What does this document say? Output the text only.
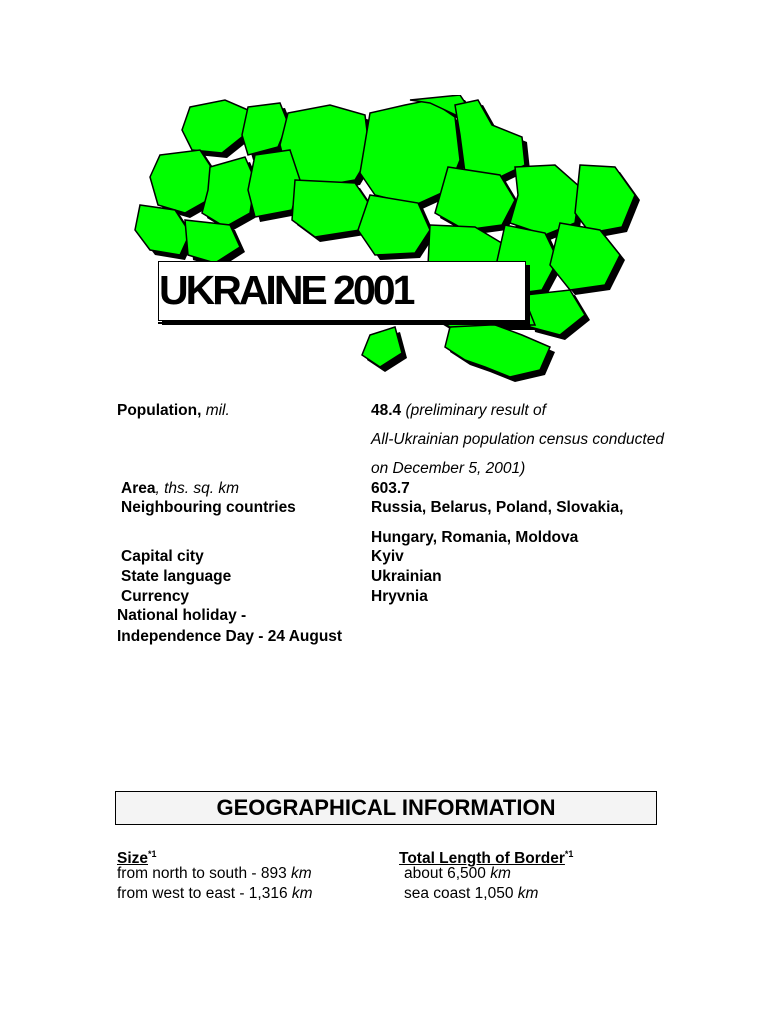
UKRAINE 2001
Population, mil.	48.4 (preliminary result of
All-Ukrainian population census conducted
on December 5, 2001)
Area, ths. sq. km	603.7
Neighbouring countries	Russia, Belarus, Poland, Slovakia,
Hungary, Romania, Moldova
Capital city	Kyiv
State language	Ukrainian
Currency	Hryvnia
National holiday -
Independence Day - 24 August
GEOGRAPHICAL INFORMATION
Size$^{*1}$
from north to south - 893 km
from west to east - 1,316 km
Total Length of Border$^{*1}$
about 6,500 km
sea coast 1,050 km
